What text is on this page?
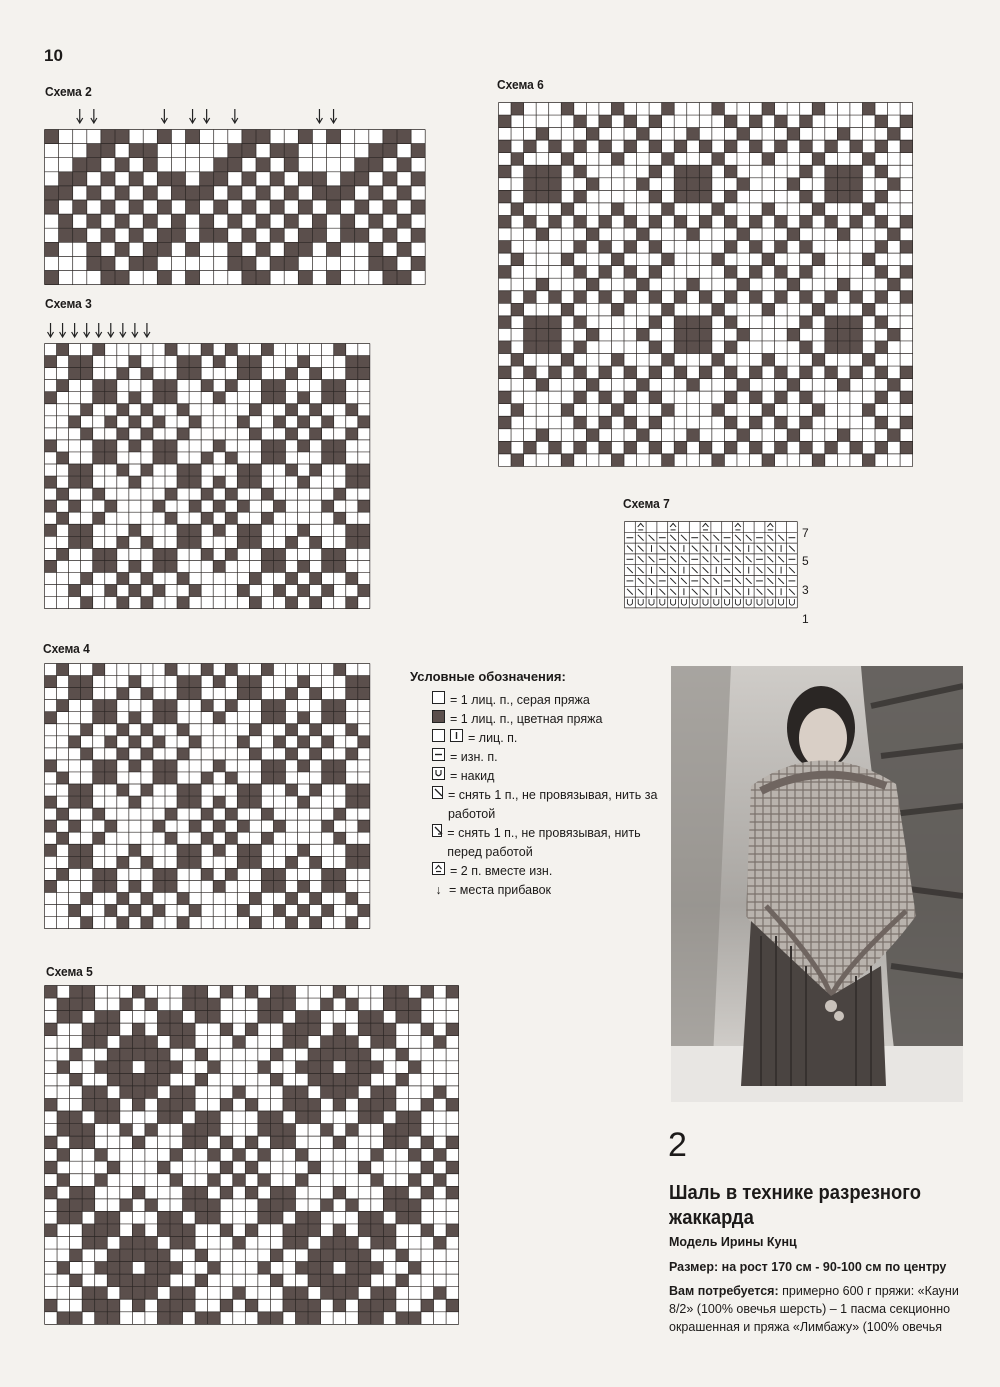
10
Схема 2
Схема 3
Схема 4
Схема 5
Схема 6
Схема 7
7
5
3
1
Условные обозначения:
= 1 лиц. п., серая пряжа
= 1 лиц. п., цветная пряжа
= лиц. п.
= изн. п.
= накид
= снять 1 п., не провязывая, нить за работой
= снять 1 п., не провязывая, нить перед работой
= 2 п. вместе изн.
↓ = места прибавок
2
Шаль в технике разрезного жаккарда
Модель Ирины Кунц
Размер: на рост 170 см - 90-100 см по центру
Вам потребуется: примерно 600 г пряжи: «Кауни 8/2» (100% овечья шерсть) – 1 пасма секционно окрашенная и пряжа «Лимбажу» (100% овечья
